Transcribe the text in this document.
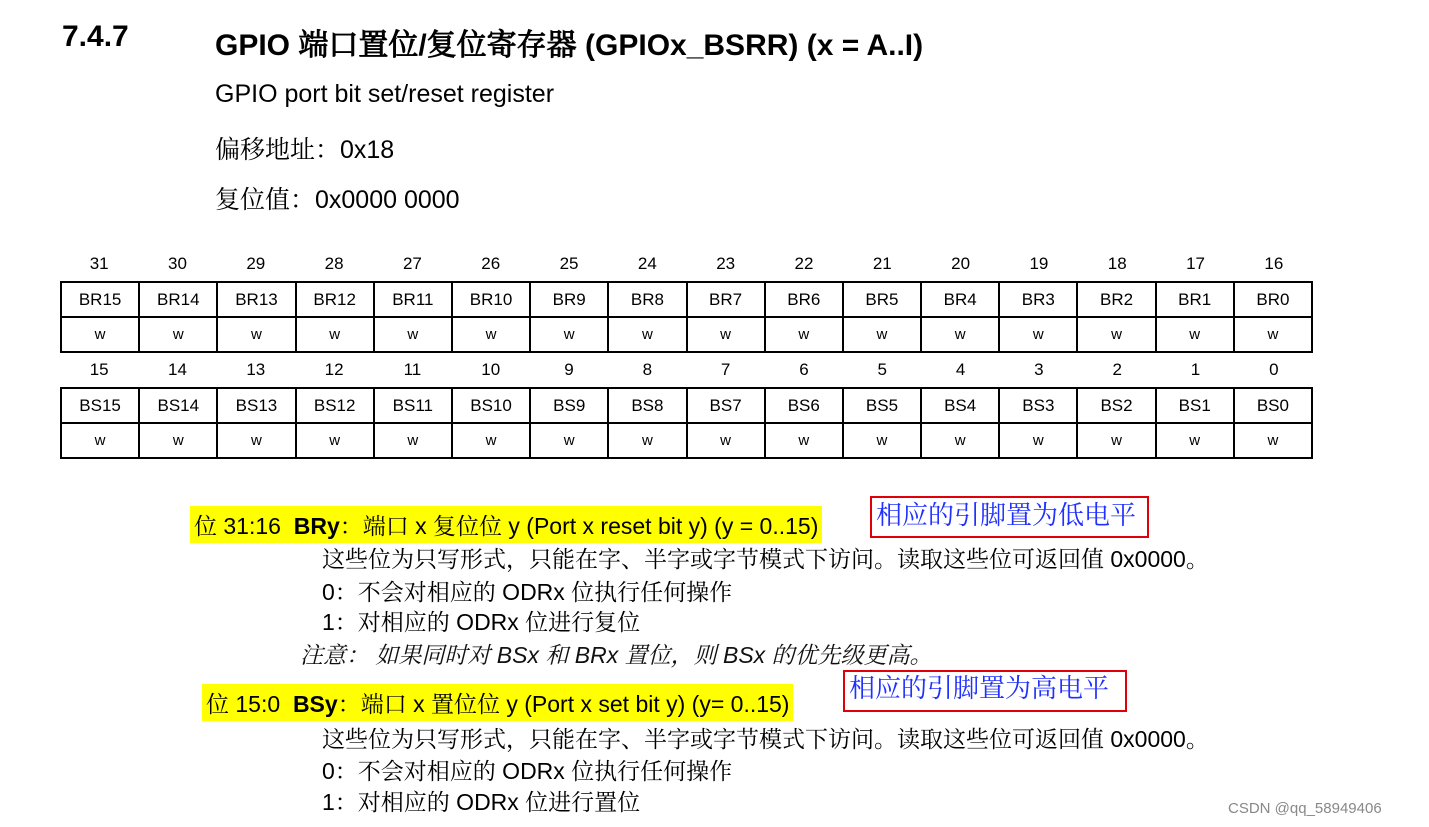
7.4.7	GPIO 端口置位/复位寄存器 (GPIOx_BSRR) (x = A..I)
GPIO port bit set/reset register
偏移地址：0x18
复位值：0x0000 0000
31	30	29	28	27	26	25	24	23	22	21	20	19	18	17	16
BR15	BR14	BR13	BR12	BR11	BR10	BR9	BR8	BR7	BR6	BR5	BR4	BR3	BR2	BR1	BR0
w	w	w	w	w	w	w	w	w	w	w	w	w	w	w	w
15	14	13	12	11	10	9	8	7	6	5	4	3	2	1	0
BS15	BS14	BS13	BS12	BS11	BS10	BS9	BS8	BS7	BS6	BS5	BS4	BS3	BS2	BS1	BS0
w	w	w	w	w	w	w	w	w	w	w	w	w	w	w	w
位 31:16 BRy：端口 x 复位位 y (Port x reset bit y) (y = 0..15) 相应的引脚置为低电平
这些位为只写形式，只能在字、半字或字节模式下访问。读取这些位可返回值 0x0000。
0：不会对相应的 ODRx 位执行任何操作
1：对相应的 ODRx 位进行复位
注意： 如果同时对 BSx 和 BRx 置位，则 BSx 的优先级更高。
位 15:0 BSy：端口 x 置位位 y (Port x set bit y) (y= 0..15) 相应的引脚置为高电平
这些位为只写形式，只能在字、半字或字节模式下访问。读取这些位可返回值 0x0000。
0：不会对相应的 ODRx 位执行任何操作
1：对相应的 ODRx 位进行置位	CSDN @qq_58949406
